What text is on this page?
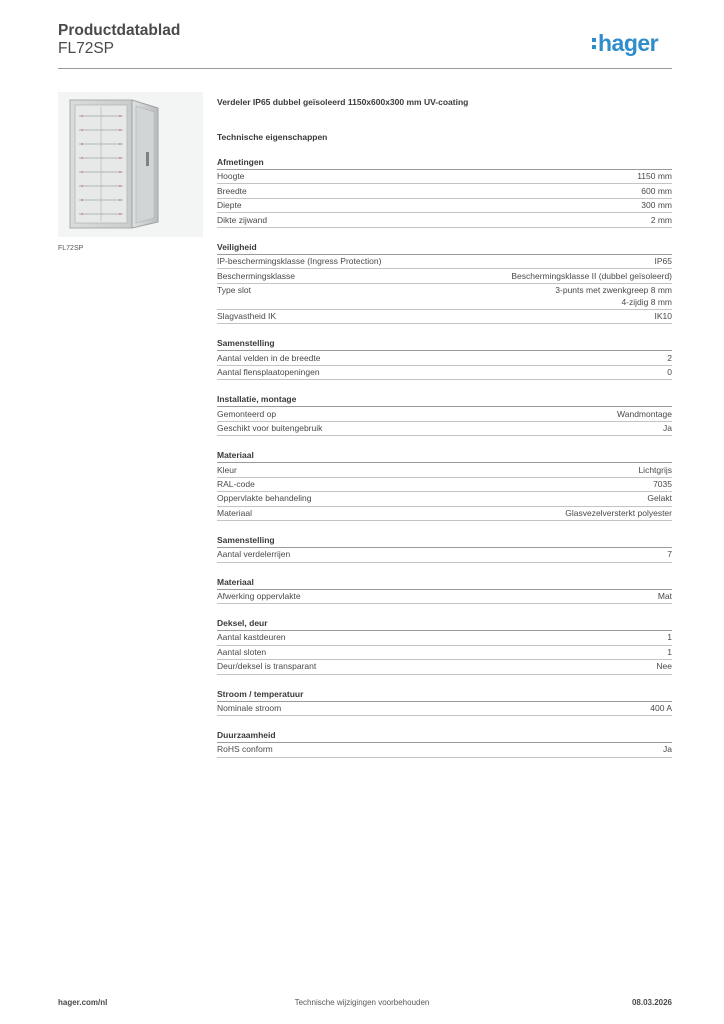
Productdatablad
FL72SP	hager
FL72SP
Verdeler IP65 dubbel geïsoleerd 1150x600x300 mm UV-coating
Technische eigenschappen
Afmetingen
Hoogte	1150 mm
Breedte	600 mm
Diepte	300 mm
Dikte zijwand	2 mm
Veiligheid
IP-beschermingsklasse (Ingress Protection)	IP65
Beschermingsklasse	Beschermingsklasse II (dubbel geïsoleerd)
Type slot	3-punts met zwenkgreep 8 mm
4-zijdig 8 mm
Slagvastheid IK	IK10
Samenstelling
Aantal velden in de breedte	2
Aantal flensplaatopeningen	0
Installatie, montage
Gemonteerd op	Wandmontage
Geschikt voor buitengebruik	Ja
Materiaal
Kleur	Lichtgrijs
RAL-code	7035
Oppervlakte behandeling	Gelakt
Materiaal	Glasvezelversterkt polyester
Samenstelling
Aantal verdelerrijen	7
Materiaal
Afwerking oppervlakte	Mat
Deksel, deur
Aantal kastdeuren	1
Aantal sloten	1
Deur/deksel is transparant	Nee
Stroom / temperatuur
Nominale stroom	400 A
Duurzaamheid
RoHS conform	Ja
hager.com/nl	Technische wijzigingen voorbehouden	08.03.2026
